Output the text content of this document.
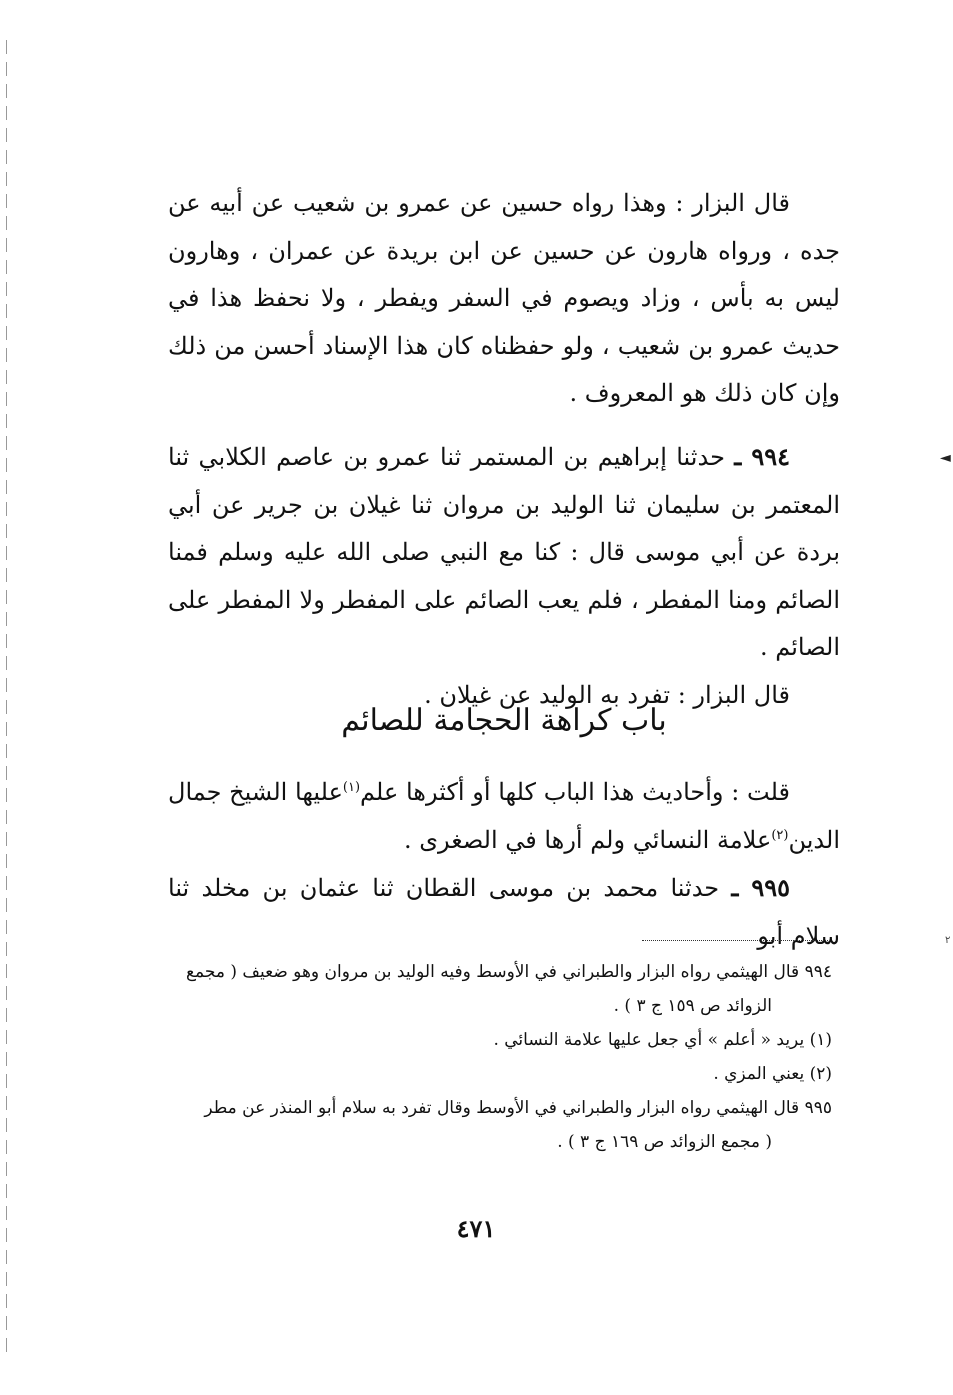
◄
٢

قال البزار : وهذا رواه حسين عن عمرو بن شعيب عن أبيه عن جده ، ورواه هارون عن حسين عن ابن بريدة عن عمران ، وهارون ليس به بأس ، وزاد ويصوم في السفر ويفطر ، ولا نحفظ هذا في حديث عمرو بن شعيب ، ولو حفظناه كان هذا الإسناد أحسن من ذلك وإن كان ذلك هو المعروف .

٩٩٤ ـ حدثنا إبراهيم بن المستمر ثنا عمرو بن عاصم الكلابي ثنا المعتمر بن سليمان ثنا الوليد بن مروان ثنا غيلان بن جرير عن أبي بردة عن أبي موسى قال : كنا مع النبي صلى الله عليه وسلم فمنا الصائم ومنا المفطر ، فلم يعب الصائم على المفطر ولا المفطر على الصائم .

قال البزار : تفرد به الوليد عن غيلان .

باب كراهة الحجامة للصائم

قلت : وأحاديث هذا الباب كلها أو أكثرها علم$^{(١)}$عليها الشيخ جمال الدين$^{(٢)}$علامة النسائي ولم أرها في الصغرى .

٩٩٥ ـ حدثنا محمد بن موسى القطان ثنا عثمان بن مخلد ثنا سلام أبو

٩٩٤ قال الهيثمي رواه البزار والطبراني في الأوسط وفيه الوليد بن مروان وهو ضعيف ( مجمع

الزوائد ص ١٥٩ ج ٣ ) .

(١) يريد « أعلم » أي جعل عليها علامة النسائي .

(٢) يعني المزي .

٩٩٥ قال الهيثمي رواه البزار والطبراني في الأوسط وقال تفرد به سلام أبو المنذر عن مطر

( مجمع الزوائد ص ١٦٩ ج ٣ ) .

٤٧١
